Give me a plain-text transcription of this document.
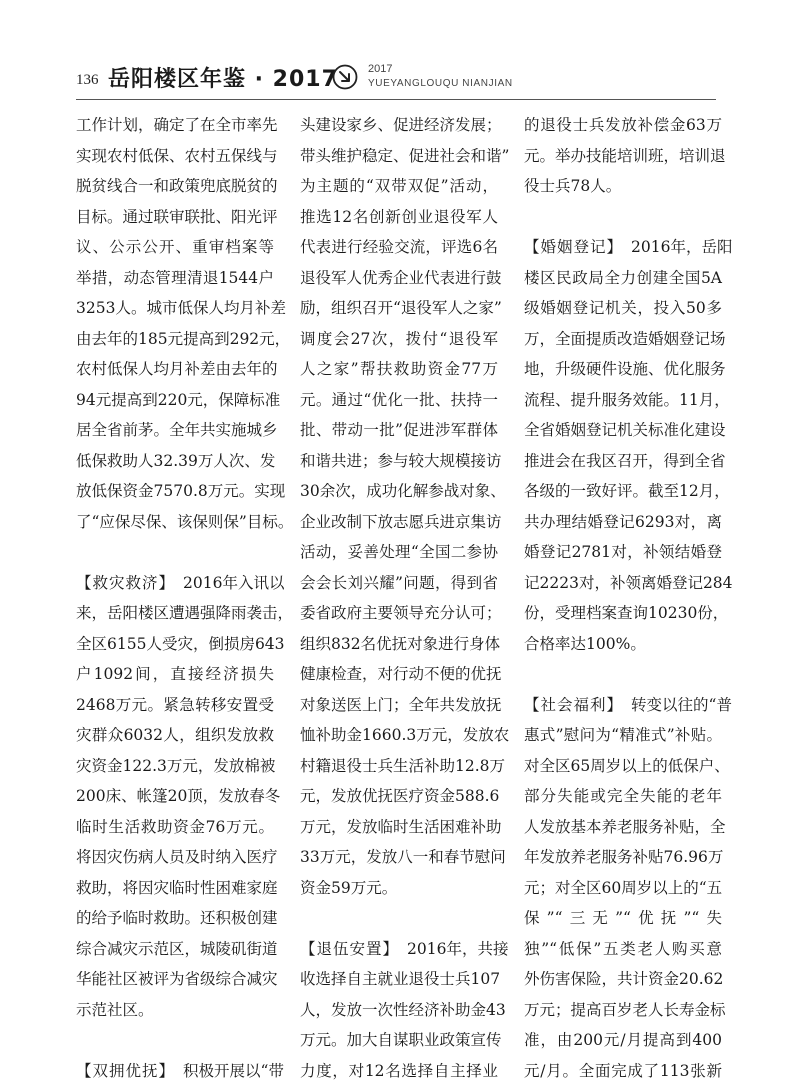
136 岳阳楼区年鉴 · 2017	2017
YUEYANGLOUQU NIANJIAN
工作计划，确定了在全市率先
实现农村低保、农村五保线与
脱贫线合一和政策兜底脱贫的
目标。通过联审联批、阳光评
议、公示公开、重审档案等
举措，动态管理清退1544户
3253人。城市低保人均月补差
由去年的185元提高到292元，
农村低保人均月补差由去年的
94元提高到220元，保障标准
居全省前茅。全年共实施城乡
低保救助人32.39万人次、发
放低保资金7570.8万元。实现
了“应保尽保、该保则保”目标。
【救灾救济】 2016年入讯以
来，岳阳楼区遭遇强降雨袭击，
全区6155人受灾，倒损房643
户1092间，直接经济损失
2468万元。紧急转移安置受
灾群众6032人，组织发放救
灾资金122.3万元，发放棉被
200床、帐篷20顶，发放春冬
临时生活救助资金76万元。
将因灾伤病人员及时纳入医疗
救助，将因灾临时性困难家庭
的给予临时救助。还积极创建
综合减灾示范区，城陵矶街道
华能社区被评为省级综合减灾
示范社区。
【双拥优抚】 积极开展以“带
头建设家乡、促进经济发展；
带头维护稳定、促进社会和谐”
为主题的“双带双促”活动，
推选12名创新创业退役军人
代表进行经验交流，评选6名
退役军人优秀企业代表进行鼓
励，组织召开“退役军人之家”
调度会27次，拨付“退役军
人之家”帮扶救助资金77万
元。通过“优化一批、扶持一
批、带动一批”促进涉军群体
和谐共进；参与较大规模接访
30余次，成功化解参战对象、
企业改制下放志愿兵进京集访
活动，妥善处理“全国二参协
会会长刘兴耀”问题，得到省
委省政府主要领导充分认可；
组织832名优抚对象进行身体
健康检查，对行动不便的优抚
对象送医上门；全年共发放抚
恤补助金1660.3万元，发放农
村籍退役士兵生活补助12.8万
元，发放优抚医疗资金588.6
万元，发放临时生活困难补助
33万元，发放八一和春节慰问
资金59万元。
【退伍安置】 2016年，共接
收选择自主就业退役士兵107
人，发放一次性经济补助金43
万元。加大自谋职业政策宣传
力度，对12名选择自主择业
的退役士兵发放补偿金63万
元。举办技能培训班，培训退
役士兵78人。
【婚姻登记】 2016年，岳阳
楼区民政局全力创建全国5A
级婚姻登记机关，投入50多
万，全面提质改造婚姻登记场
地，升级硬件设施、优化服务
流程、提升服务效能。11月，
全省婚姻登记机关标准化建设
推进会在我区召开，得到全省
各级的一致好评。截至12月，
共办理结婚登记6293对，离
婚登记2781对，补领结婚登
记2223对，补领离婚登记284
份，受理档案查询10230份，
合格率达100%。
【社会福利】 转变以往的“普
惠式”慰问为“精准式”补贴。
对全区65周岁以上的低保户、
部分失能或完全失能的老年
人发放基本养老服务补贴，全
年发放养老服务补贴76.96万
元；对全区60周岁以上的“五
保”“三无”“优抚”“失
独”“低保”五类老人购买意
外伤害保险，共计资金20.62
万元；提高百岁老人长寿金标
准，由200元/月提高到400
元/月。全面完成了113张新
